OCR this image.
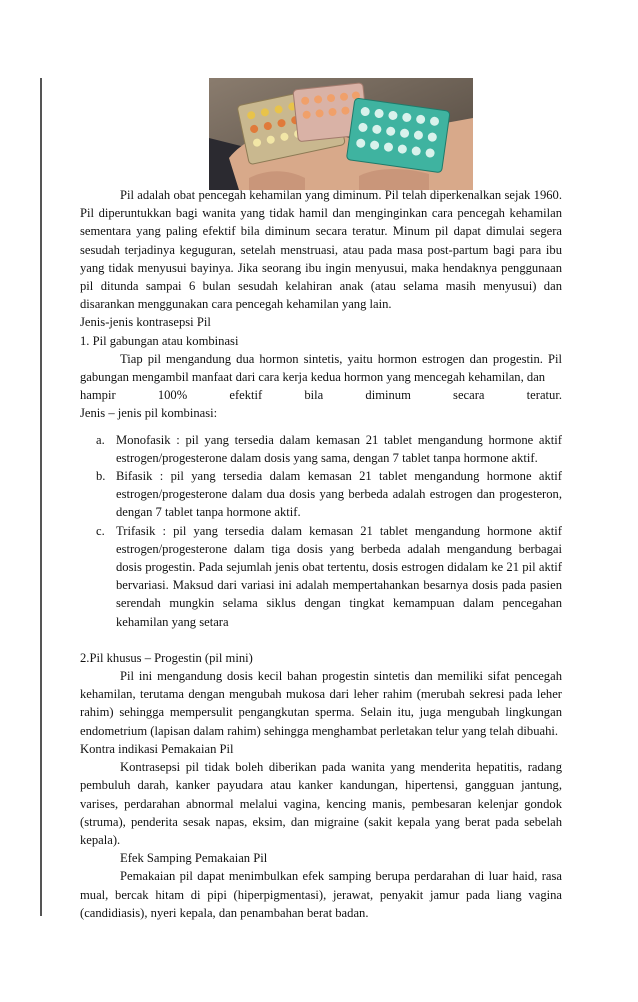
Pil adalah obat pencegah kehamilan yang diminum. Pil telah diperkenalkan sejak 1960. Pil diperuntukkan bagi wanita yang tidak hamil dan menginginkan cara pencegah kehamilan sementara yang paling efektif bila diminum secara teratur. Minum pil dapat dimulai segera sesudah terjadinya keguguran, setelah menstruasi, atau pada masa post-partum bagi para ibu yang tidak menyusui bayinya. Jika seorang ibu ingin menyusui, maka hendaknya penggunaan pil ditunda sampai 6 bulan sesudah kelahiran anak (atau selama masih menyusui) dan disarankan menggunakan cara pencegah kehamilan yang lain.

Jenis-jenis kontrasepsi Pil

1. Pil gabungan atau kombinasi

Tiap pil mengandung dua hormon sintetis, yaitu hormon estrogen dan progestin. Pil gabungan mengambil manfaat dari cara kerja kedua hormon yang mencegah kehamilan, dan

hampir 100% efektif bila diminum secara teratur.

Jenis – jenis pil kombinasi:

a. Monofasik : pil yang tersedia dalam kemasan 21 tablet mengandung hormone aktif estrogen/progesterone dalam dosis yang sama, dengan 7 tablet tanpa hormone aktif.
b. Bifasik : pil yang tersedia dalam kemasan 21 tablet mengandung hormone aktif estrogen/progesterone dalam dua dosis yang berbeda adalah estrogen dan progesteron, dengan 7 tablet tanpa hormone aktif.
c. Trifasik : pil yang tersedia dalam kemasan 21 tablet mengandung hormone aktif estrogen/progesterone dalam tiga dosis yang berbeda adalah mengandung berbagai dosis progestin. Pada sejumlah jenis obat tertentu, dosis estrogen didalam ke 21 pil aktif bervariasi. Maksud dari variasi ini adalah mempertahankan besarnya dosis pada pasien serendah mungkin selama siklus dengan tingkat kemampuan dalam pencegahan kehamilan yang setara

2.Pil khusus – Progestin (pil mini)

Pil ini mengandung dosis kecil bahan progestin sintetis dan memiliki sifat pencegah kehamilan, terutama dengan mengubah mukosa dari leher rahim (merubah sekresi pada leher rahim) sehingga mempersulit pengangkutan sperma. Selain itu, juga mengubah lingkungan endometrium (lapisan dalam rahim) sehingga menghambat perletakan telur yang telah dibuahi.

Kontra indikasi Pemakaian Pil

Kontrasepsi pil tidak boleh diberikan pada wanita yang menderita hepatitis, radang pembuluh darah, kanker payudara atau kanker kandungan, hipertensi, gangguan jantung, varises, perdarahan abnormal melalui vagina, kencing manis, pembesaran kelenjar gondok (struma), penderita sesak napas, eksim, dan migraine (sakit kepala yang berat pada sebelah kepala).

Efek Samping Pemakaian Pil

Pemakaian pil dapat menimbulkan efek samping berupa perdarahan di luar haid, rasa mual, bercak hitam di pipi (hiperpigmentasi), jerawat, penyakit jamur pada liang vagina (candidiasis), nyeri kepala, dan penambahan berat badan.
